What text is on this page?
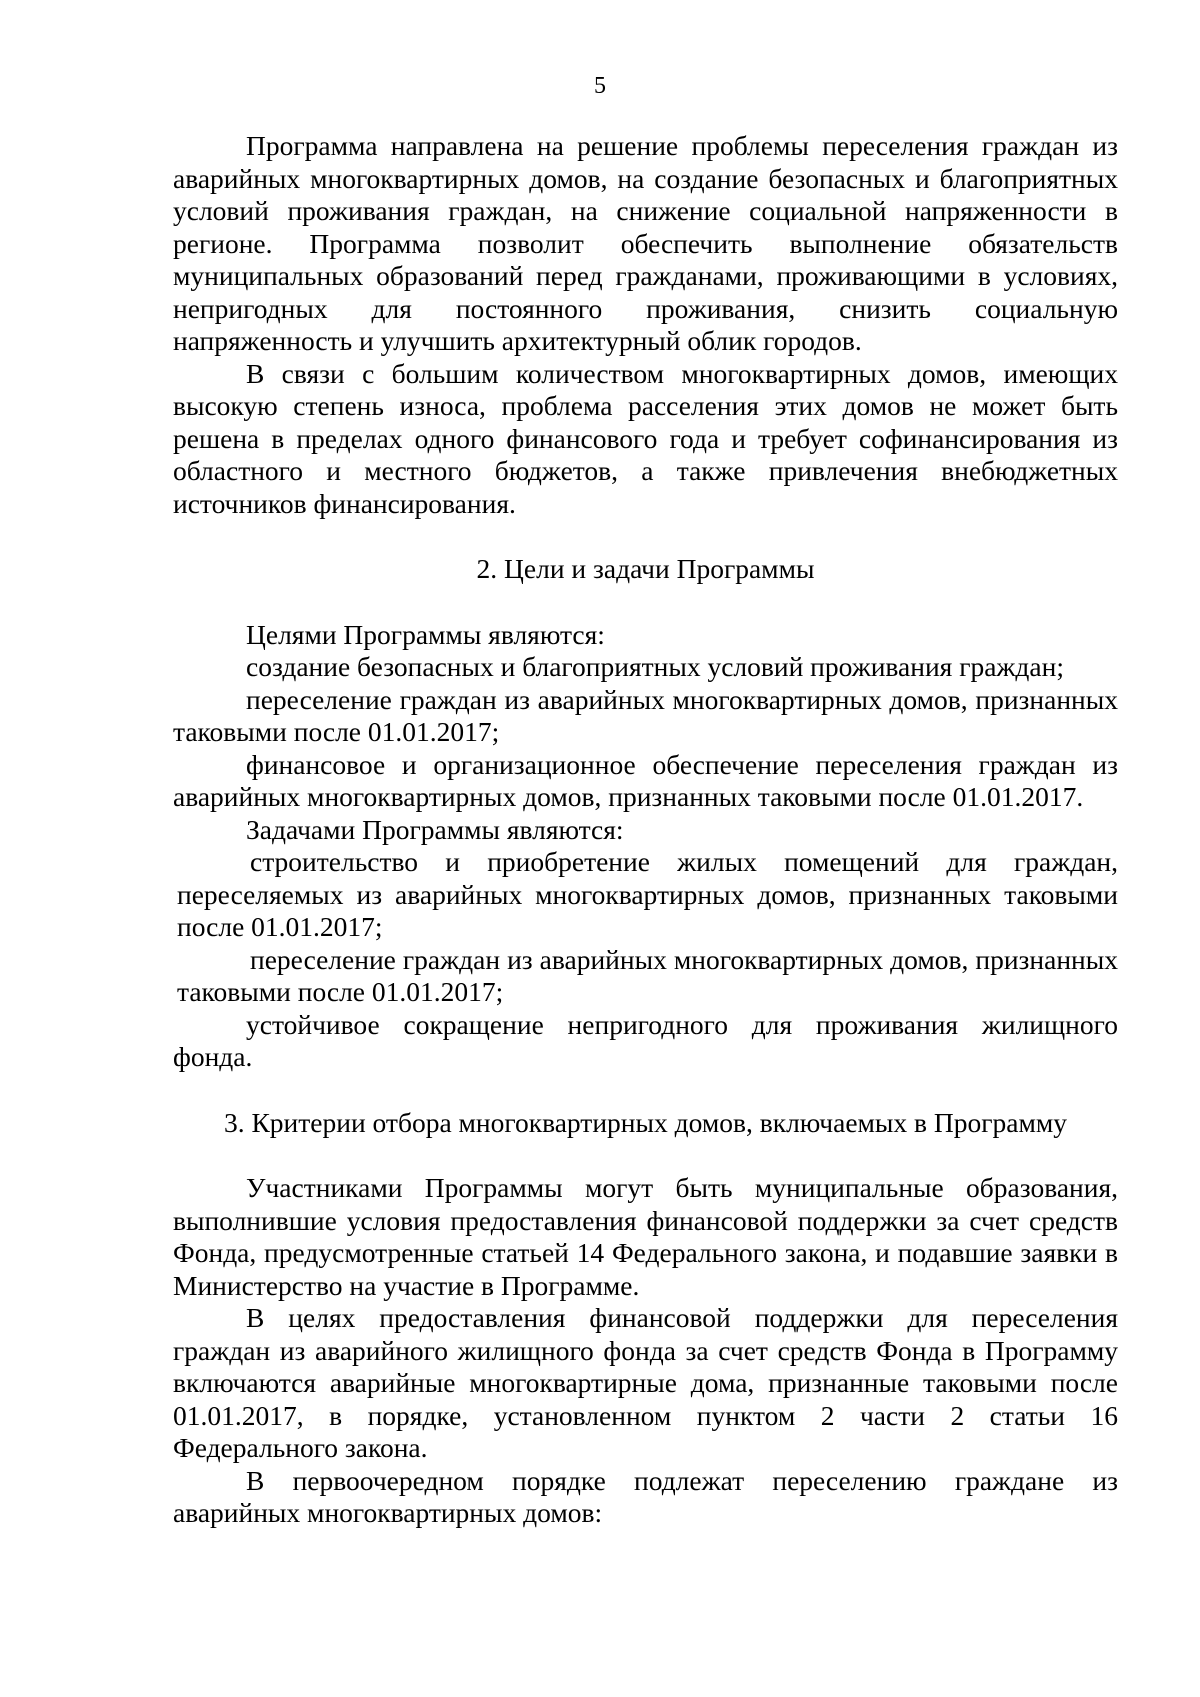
5

Программа направлена на решение проблемы переселения граждан из аварийных многоквартирных домов, на создание безопасных и благоприятных условий проживания граждан, на снижение социальной напряженности в регионе. Программа позволит обеспечить выполнение обязательств муниципальных образований перед гражданами, проживающими в условиях, непригодных для постоянного проживания, снизить социальную напряженность и улучшить архитектурный облик городов.

В связи с большим количеством многоквартирных домов, имеющих высокую степень износа, проблема расселения этих домов не может быть решена в пределах одного финансового года и требует софинансирования из областного и местного бюджетов, а также привлечения внебюджетных источников финансирования.

2. Цели и задачи Программы

Целями Программы являются:

создание безопасных и благоприятных условий проживания граждан;

переселение граждан из аварийных многоквартирных домов, признанных таковыми после 01.01.2017;

финансовое и организационное обеспечение переселения граждан из аварийных многоквартирных домов, признанных таковыми после 01.01.2017.

Задачами Программы являются:

строительство и приобретение жилых помещений для граждан, переселяемых из аварийных многоквартирных домов, признанных таковыми после 01.01.2017;

переселение граждан из аварийных многоквартирных домов, признанных таковыми после 01.01.2017;

устойчивое сокращение непригодного для проживания жилищного фонда.

3. Критерии отбора многоквартирных домов, включаемых в Программу

Участниками Программы могут быть муниципальные образования, выполнившие условия предоставления финансовой поддержки за счет средств Фонда, предусмотренные статьей 14 Федерального закона, и подавшие заявки в Министерство на участие в Программе.

В целях предоставления финансовой поддержки для переселения граждан из аварийного жилищного фонда за счет средств Фонда в Программу включаются аварийные многоквартирные дома, признанные таковыми после 01.01.2017, в порядке, установленном пунктом 2 части 2 статьи 16 Федерального закона.

В первоочередном порядке подлежат переселению граждане из аварийных многоквартирных домов:
